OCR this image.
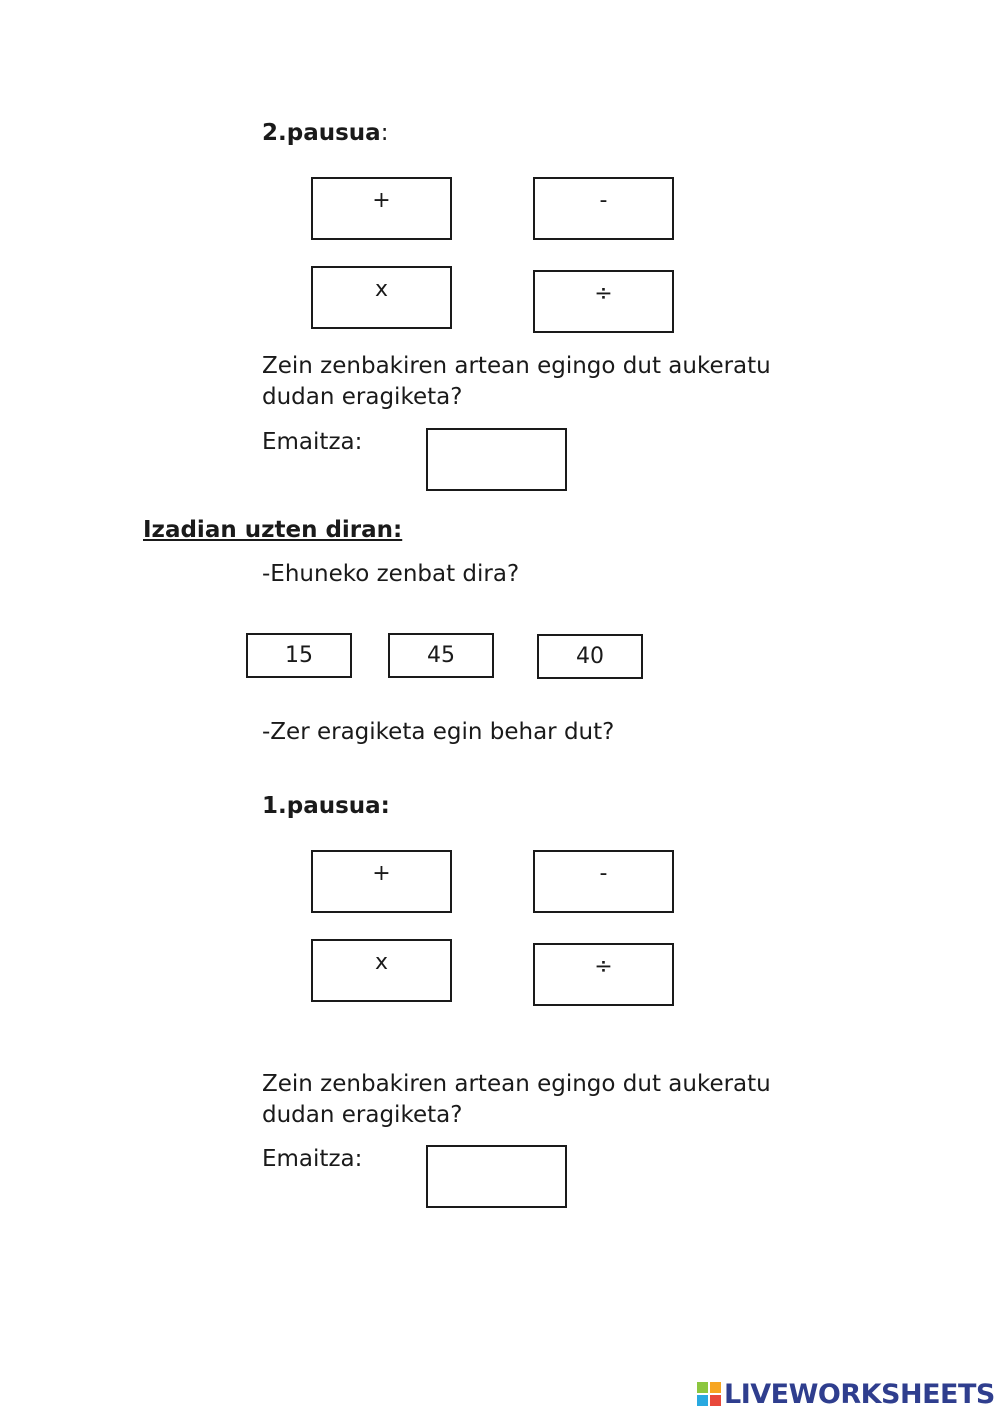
2.pausua:
+	-
x	÷
Zein zenbakiren artean egingo dut aukeratu
dudan eragiketa?
Emaitza:
Izadian uzten diran:
-Ehuneko zenbat dira?
15	45	40
-Zer eragiketa egin behar dut?
1.pausua:
+	-
x	÷
Zein zenbakiren artean egingo dut aukeratu
dudan eragiketa?
Emaitza:
LIVEWORKSHEETS
